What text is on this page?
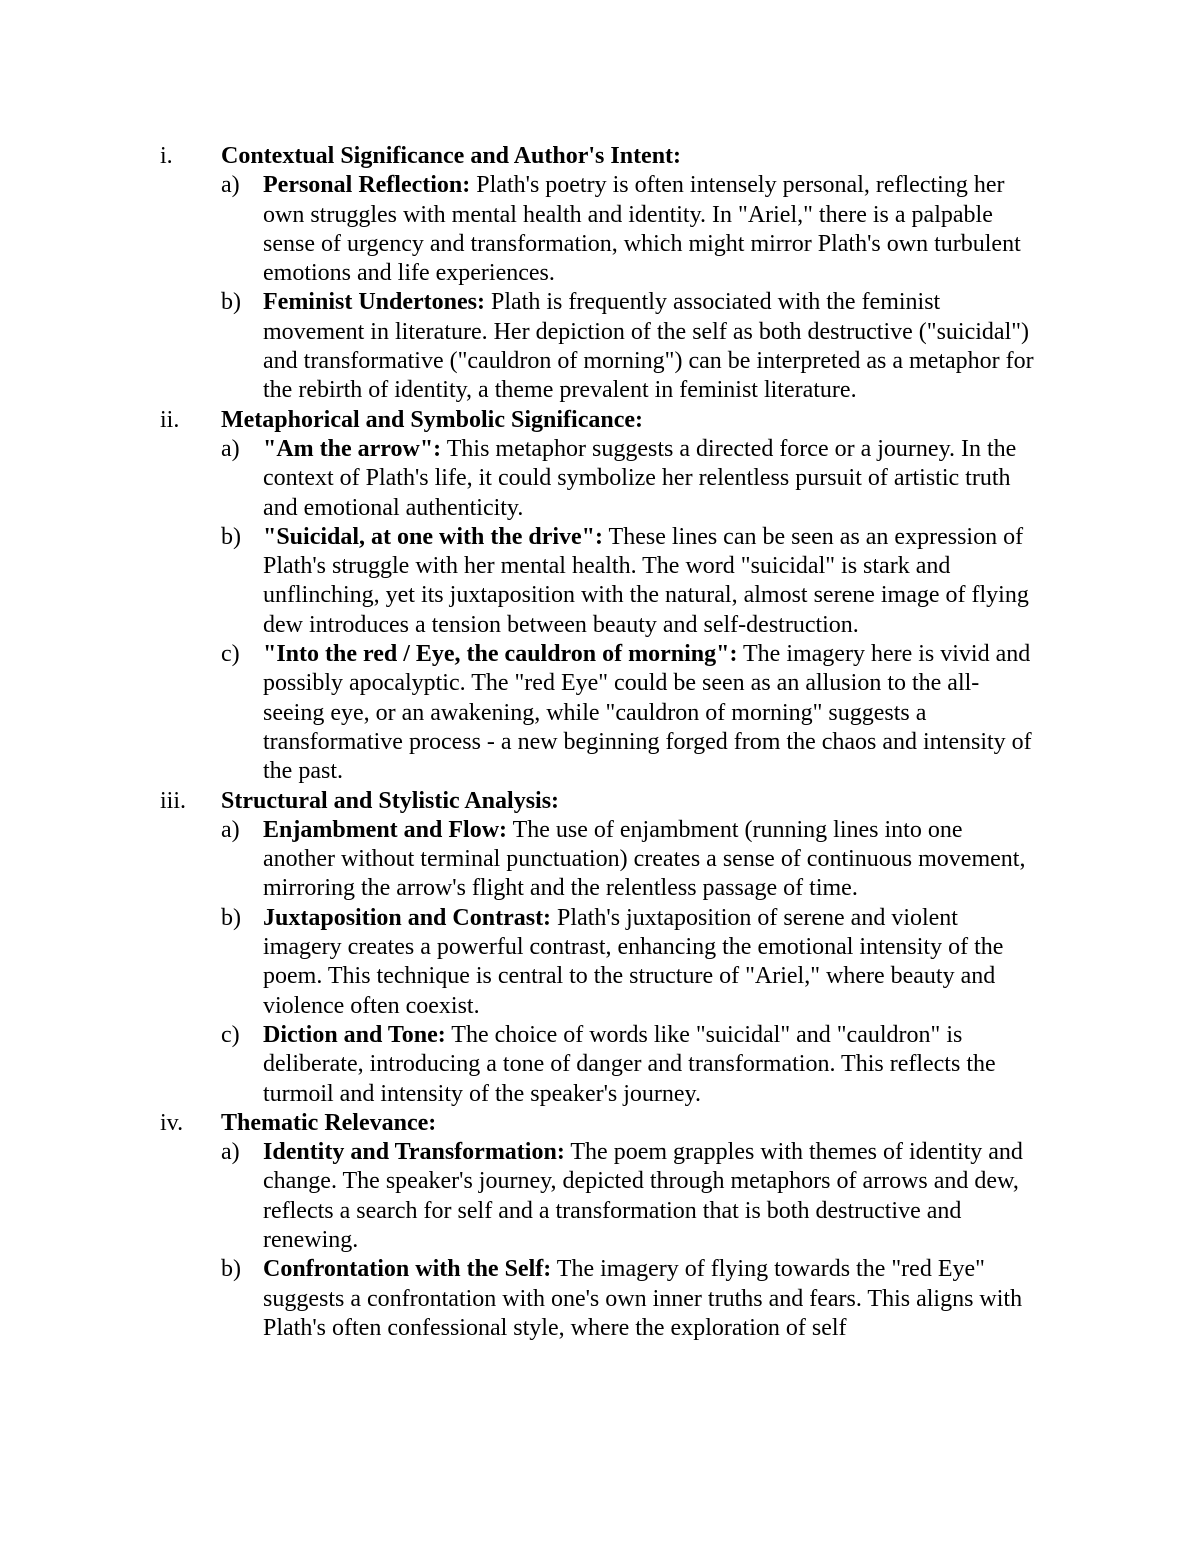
i.	Contextual Significance and Author's Intent:
a) Personal Reflection: Plath's poetry is often intensely personal, reflecting her own struggles with mental health and identity. In "Ariel," there is a palpable sense of urgency and transformation, which might mirror Plath's own turbulent emotions and life experiences.
b) Feminist Undertones: Plath is frequently associated with the feminist movement in literature. Her depiction of the self as both destructive ("suicidal") and transformative ("cauldron of morning") can be interpreted as a metaphor for the rebirth of identity, a theme prevalent in feminist literature.
ii.	Metaphorical and Symbolic Significance:
a) "Am the arrow": This metaphor suggests a directed force or a journey. In the context of Plath's life, it could symbolize her relentless pursuit of artistic truth and emotional authenticity.
b) "Suicidal, at one with the drive": These lines can be seen as an expression of Plath's struggle with her mental health. The word "suicidal" is stark and unflinching, yet its juxtaposition with the natural, almost serene image of flying dew introduces a tension between beauty and self-destruction.
c) "Into the red / Eye, the cauldron of morning": The imagery here is vivid and possibly apocalyptic. The "red Eye" could be seen as an allusion to the all-seeing eye, or an awakening, while "cauldron of morning" suggests a transformative process - a new beginning forged from the chaos and intensity of the past.
iii.	Structural and Stylistic Analysis:
a) Enjambment and Flow: The use of enjambment (running lines into one another without terminal punctuation) creates a sense of continuous movement, mirroring the arrow's flight and the relentless passage of time.
b) Juxtaposition and Contrast: Plath's juxtaposition of serene and violent imagery creates a powerful contrast, enhancing the emotional intensity of the poem. This technique is central to the structure of "Ariel," where beauty and violence often coexist.
c) Diction and Tone: The choice of words like "suicidal" and "cauldron" is deliberate, introducing a tone of danger and transformation. This reflects the turmoil and intensity of the speaker's journey.
iv.	Thematic Relevance:
a) Identity and Transformation: The poem grapples with themes of identity and change. The speaker's journey, depicted through metaphors of arrows and dew, reflects a search for self and a transformation that is both destructive and renewing.
b) Confrontation with the Self: The imagery of flying towards the "red Eye" suggests a confrontation with one's own inner truths and fears. This aligns with Plath's often confessional style, where the exploration of self
